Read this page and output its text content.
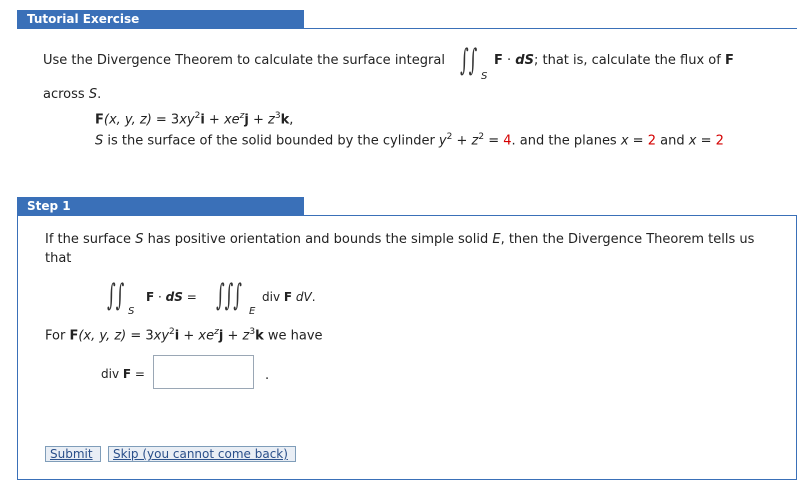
Tutorial Exercise
Use the Divergence Theorem to calculate the surface integral ∫∫ S
F · dS; that is, calculate the flux of F
across S.
F(x, y, $z) = 3xy^2i + xe^zj + z^3k$,
S is the surface of the solid bounded by the cylinder $y^2 + z^2 = 4$. and the planes x = 2 and x = 2
Step 1
If the surface S has positive orientation and bounds the simple solid E, then the Divergence Theorem tells us
that
∫∫ S
F · dS = ∫∫∫ E
div F dV.
For F(x, y, $z) = 3xy^2i + xe^zj + z^3k$ we have
div F =	.
Submit	Skip (you cannot come back)
